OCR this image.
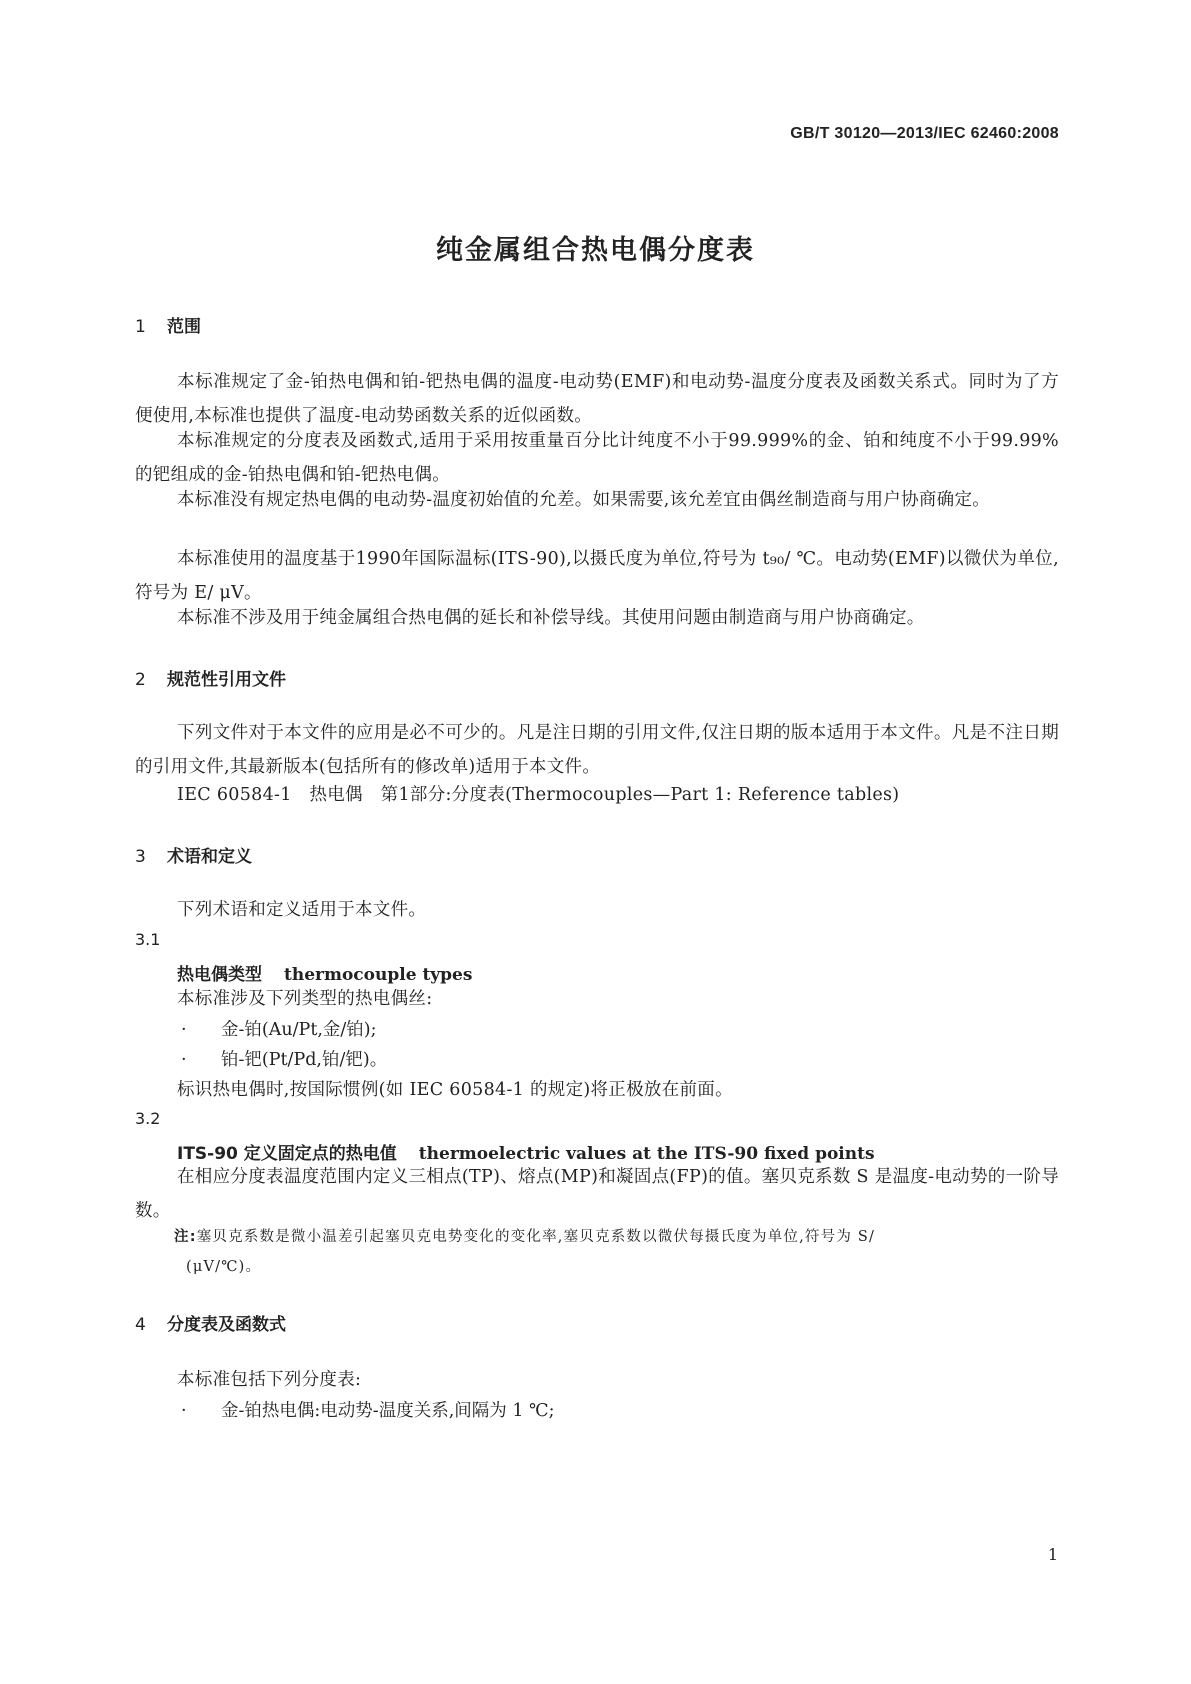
GB/T 30120—2013/IEC 62460:2008
纯金属组合热电偶分度表
1 范围
本标准规定了金-铂热电偶和铂-钯热电偶的温度-电动势(EMF)和电动势-温度分度表及函数关系式。同时为了方便使用,本标准也提供了温度-电动势函数关系的近似函数。
本标准规定的分度表及函数式,适用于采用按重量百分比计纯度不小于99.999%的金、铂和纯度不小于99.99%的钯组成的金-铂热电偶和铂-钯热电偶。
本标准没有规定热电偶的电动势-温度初始值的允差。如果需要,该允差宜由偶丝制造商与用户协商确定。
本标准使用的温度基于1990年国际温标(ITS-90),以摄氏度为单位,符号为 t₉₀/ ℃。电动势(EMF)以微伏为单位,符号为 E/ μV。
本标准不涉及用于纯金属组合热电偶的延长和补偿导线。其使用问题由制造商与用户协商确定。
2 规范性引用文件
下列文件对于本文件的应用是必不可少的。凡是注日期的引用文件,仅注日期的版本适用于本文件。凡是不注日期的引用文件,其最新版本(包括所有的修改单)适用于本文件。
IEC 60584-1　热电偶　第1部分:分度表(Thermocouples—Part 1: Reference tables)
3 术语和定义
下列术语和定义适用于本文件。
3.1
热电偶类型 thermocouple types
本标准涉及下列类型的热电偶丝:
· 金-铂(Au/Pt,金/铂);
· 铂-钯(Pt/Pd,铂/钯)。
标识热电偶时,按国际惯例(如 IEC 60584-1 的规定)将正极放在前面。
3.2
ITS-90 定义固定点的热电值 thermoelectric values at the ITS-90 fixed points
在相应分度表温度范围内定义三相点(TP)、熔点(MP)和凝固点(FP)的值。塞贝克系数 S 是温度-电动势的一阶导数。
注:塞贝克系数是微小温差引起塞贝克电势变化的变化率,塞贝克系数以微伏每摄氏度为单位,符号为 S/
(μV/℃)。
4 分度表及函数式
本标准包括下列分度表:
· 金-铂热电偶:电动势-温度关系,间隔为 1 ℃;
1
